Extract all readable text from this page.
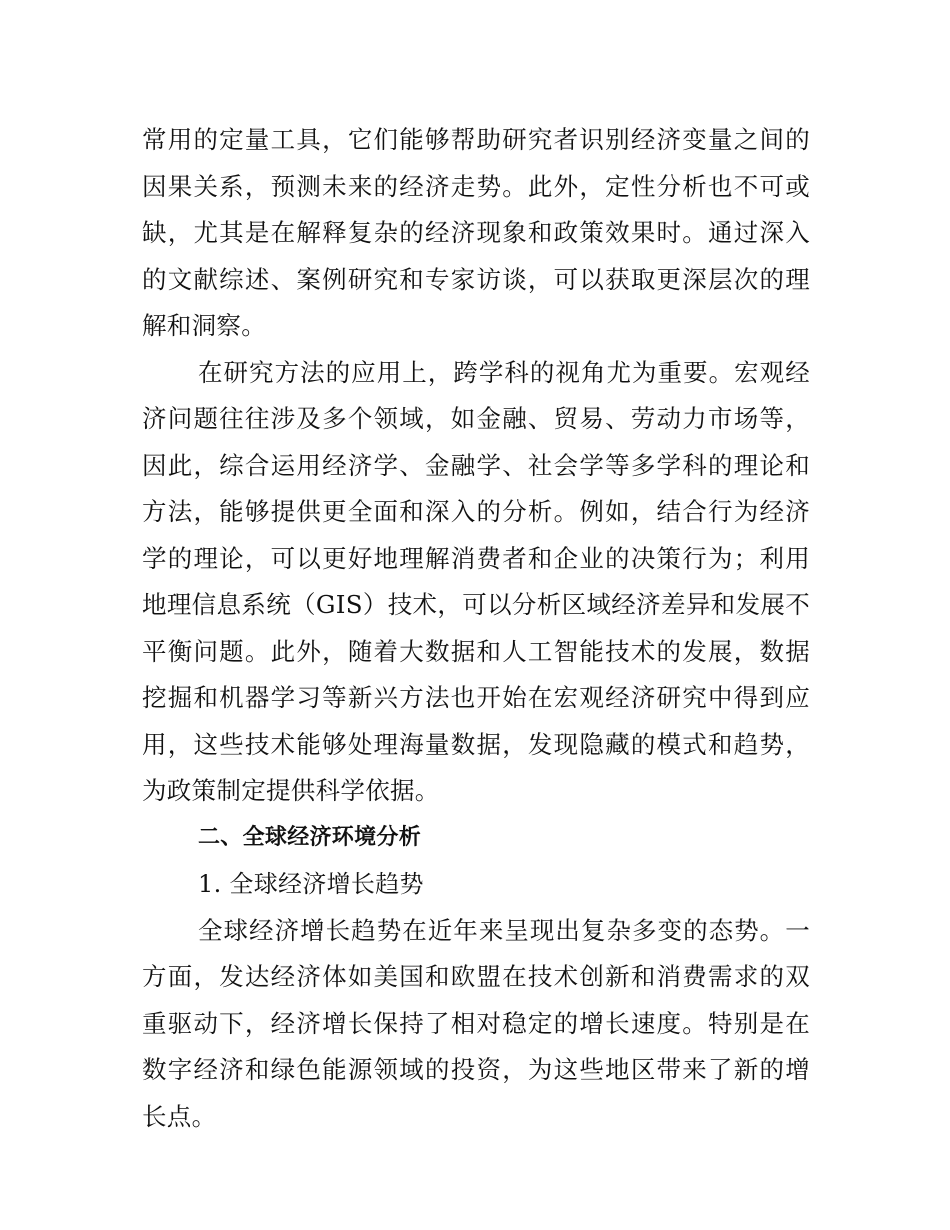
常用的定量工具，它们能够帮助研究者识别经济变量之间的因果关系，预测未来的经济走势。此外，定性分析也不可或缺，尤其是在解释复杂的经济现象和政策效果时。通过深入的文献综述、案例研究和专家访谈，可以获取更深层次的理解和洞察。

在研究方法的应用上，跨学科的视角尤为重要。宏观经济问题往往涉及多个领域，如金融、贸易、劳动力市场等，因此，综合运用经济学、金融学、社会学等多学科的理论和方法，能够提供更全面和深入的分析。例如，结合行为经济学的理论，可以更好地理解消费者和企业的决策行为；利用地理信息系统（GIS）技术，可以分析区域经济差异和发展不平衡问题。此外，随着大数据和人工智能技术的发展，数据挖掘和机器学习等新兴方法也开始在宏观经济研究中得到应用，这些技术能够处理海量数据，发现隐藏的模式和趋势，为政策制定提供科学依据。

二、全球经济环境分析

1. 全球经济增长趋势

全球经济增长趋势在近年来呈现出复杂多变的态势。一方面，发达经济体如美国和欧盟在技术创新和消费需求的双重驱动下，经济增长保持了相对稳定的增长速度。特别是在数字经济和绿色能源领域的投资，为这些地区带来了新的增长点。
